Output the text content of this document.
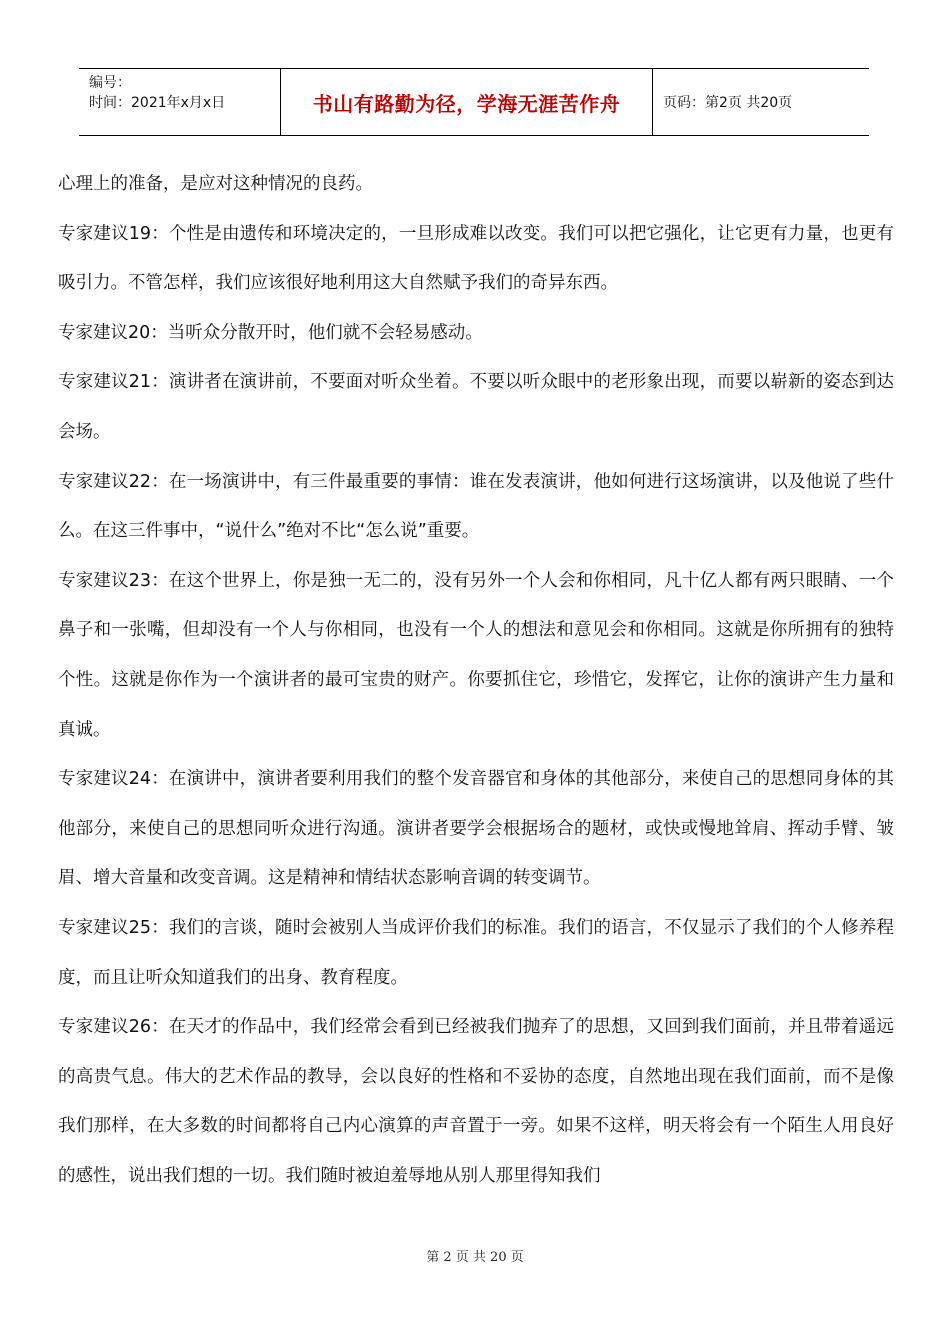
编号：
时间：2021年x月x日	书山有路勤为径，学海无涯苦作舟	页码：第2页 共20页

心理上的准备，是应对这种情况的良药。

专家建议19：个性是由遗传和环境决定的，一旦形成难以改变。我们可以把它强化，让它更有力量，也更有吸引力。不管怎样，我们应该很好地利用这大自然赋予我们的奇异东西。

专家建议20：当听众分散开时，他们就不会轻易感动。

专家建议21：演讲者在演讲前，不要面对听众坐着。不要以听众眼中的老形象出现，而要以崭新的姿态到达会场。

专家建议22：在一场演讲中，有三件最重要的事情：谁在发表演讲，他如何进行这场演讲，以及他说了些什么。在这三件事中，“说什么”绝对不比“怎么说”重要。

专家建议23：在这个世界上，你是独一无二的，没有另外一个人会和你相同，凡十亿人都有两只眼睛、一个鼻子和一张嘴，但却没有一个人与你相同，也没有一个人的想法和意见会和你相同。这就是你所拥有的独特个性。这就是你作为一个演讲者的最可宝贵的财产。你要抓住它，珍惜它，发挥它，让你的演讲产生力量和真诚。

专家建议24：在演讲中，演讲者要利用我们的整个发音器官和身体的其他部分，来使自己的思想同身体的其他部分，来使自己的思想同听众进行沟通。演讲者要学会根据场合的题材，或快或慢地耸肩、挥动手臂、皱眉、增大音量和改变音调。这是精神和情结状态影响音调的转变调节。

专家建议25：我们的言谈，随时会被别人当成评价我们的标准。我们的语言，不仅显示了我们的个人修养程度，而且让听众知道我们的出身、教育程度。

专家建议26：在天才的作品中，我们经常会看到已经被我们抛弃了的思想，又回到我们面前，并且带着遥远的高贵气息。伟大的艺术作品的教导，会以良好的性格和不妥协的态度，自然地出现在我们面前，而不是像我们那样，在大多数的时间都将自己内心演算的声音置于一旁。如果不这样，明天将会有一个陌生人用良好的感性，说出我们想的一切。我们随时被迫羞辱地从别人那里得知我们

第 2 页 共 20 页
